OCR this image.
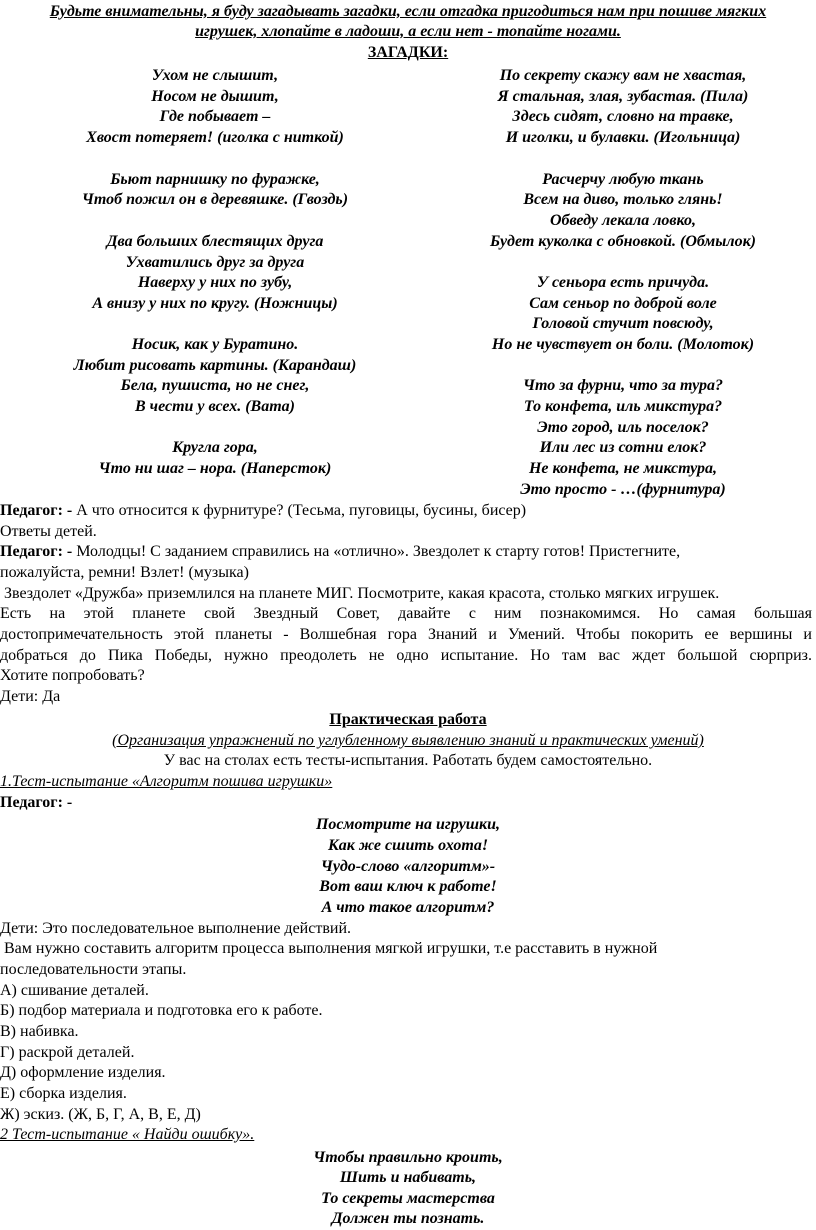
Будьте внимательны, я буду загадывать загадки, если отгадка пригодиться нам при пошиве мягких
игрушек, хлопайте в ладоши, а если нет - топайте ногами.
ЗАГАДКИ:
Ухом не слышит,
Носом не дышит,
Где побывает –
Хвост потеряет! (иголка с ниткой)
Бьют парнишку по фуражке,
Чтоб пожил он в деревяшке. (Гвоздь)
Два больших блестящих друга
Ухватились друг за друга
Наверху у них по зубу,
А внизу у них по кругу. (Ножницы)
Носик, как у Буратино.
Любит рисовать картины. (Карандаш)
Бела, пушиста, но не снег,
В чести у всех. (Вата)
Кругла гора,
Что ни шаг – нора. (Наперсток)
По секрету скажу вам не хвастая,
Я стальная, злая, зубастая. (Пила)
Здесь сидят, словно на травке,
И иголки, и булавки. (Игольница)
Расчерчу любую ткань
Всем на диво, только глянь!
Обведу лекала ловко,
Будет куколка с обновкой. (Обмылок)
У сеньора есть причуда.
Сам сеньор по доброй воле
Головой стучит повсюду,
Но не чувствует он боли. (Молоток)
Что за фурни, что за тура?
То конфета, иль микстура?
Это город, иль поселок?
Или лес из сотни елок?
Не конфета, не микстура,
Это просто - …(фурнитура)
Педагог: - А что относится к фурнитуре? (Тесьма, пуговицы, бусины, бисер)
Ответы детей.
Педагог: - Молодцы! С заданием справились на «отлично». Звездолет к старту готов! Пристегните,
пожалуйста, ремни! Взлет! (музыка)
Звездолет «Дружба» приземлился на планете МИГ. Посмотрите, какая красота, столько мягких игрушек.
Есть на этой планете свой Звездный Совет, давайте с ним познакомимся. Но самая большая
достопримечательность этой планеты - Волшебная гора Знаний и Умений. Чтобы покорить ее вершины и
добраться до Пика Победы, нужно преодолеть не одно испытание. Но там вас ждет большой сюрприз.
Хотите попробовать?
Дети: Да
Практическая работа
(Организация упражнений по углубленному выявлению знаний и практических умений)
У вас на столах есть тесты-испытания. Работать будем самостоятельно.
1.Тест-испытание «Алгоритм пошива игрушки»
Педагог: -
Посмотрите на игрушки,
Как же сшить охота!
Чудо-слово «алгоритм»-
Вот ваш ключ к работе!
А что такое алгоритм?
Дети: Это последовательное выполнение действий.
Вам нужно составить алгоритм процесса выполнения мягкой игрушки, т.е расставить в нужной
последовательности этапы.
А) сшивание деталей.
Б) подбор материала и подготовка его к работе.
В) набивка.
Г) раскрой деталей.
Д) оформление изделия.
Е) сборка изделия.
Ж) эскиз. (Ж, Б, Г, А, В, Е, Д)
2 Тест-испытание « Найди ошибку».
Чтобы правильно кроить,
Шить и набивать,
То секреты мастерства
Должен ты познать.
